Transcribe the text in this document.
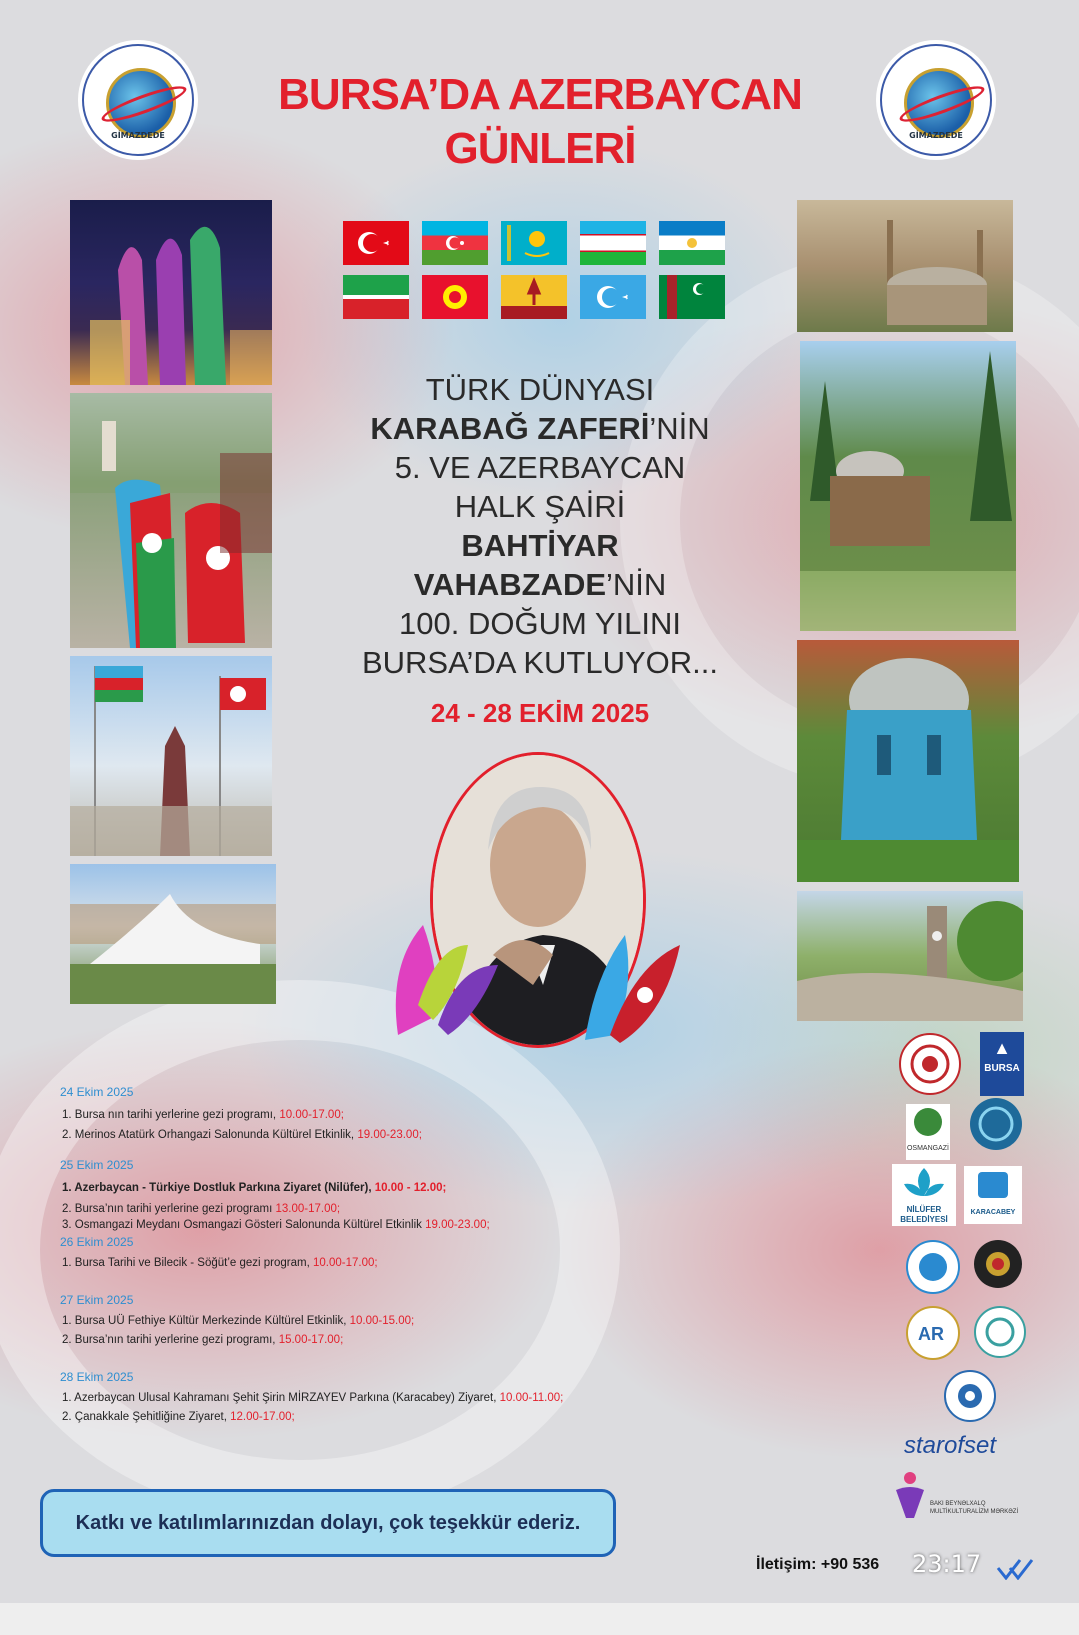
GİMAZDEDE	GİMAZDEDE
BURSA’DA AZERBAYCAN
GÜNLERİ
TÜRK DÜNYASI
KARABAĞ ZAFERİ’NİN
5. VE AZERBAYCAN
HALK ŞAİRİ
BAHTİYAR
VAHABZADE’NİN
100. DOĞUM YILINI
BURSA’DA KUTLUYOR...
24 - 28 EKİM 2025
▲
BURSA
OSMANGAZİ
NİLÜFER BELEDİYESİ
KARACABEY
AR
starofset
BAKI BEYNƏLXALQ MULTİKULTURALİZM MƏRKƏZİ
24 Ekim 2025
1. Bursa nın tarihi yerlerine gezi programı, 10.00-17.00;
2. Merinos Atatürk Orhangazi Salonunda Kültürel Etkinlik, 19.00-23.00;
25 Ekim 2025
1. Azerbaycan - Türkiye Dostluk Parkına Ziyaret (Nilüfer), 10.00 - 12.00;
2. Bursa’nın tarihi yerlerine gezi programı 13.00-17.00;
3. Osmangazi Meydanı Osmangazi Gösteri Salonunda Kültürel Etkinlik 19.00-23.00;
26 Ekim 2025
1. Bursa Tarihi ve Bilecik - Söğüt’e gezi program, 10.00-17.00;
27 Ekim 2025
1. Bursa UÜ Fethiye Kültür Merkezinde Kültürel Etkinlik, 10.00-15.00;
2. Bursa’nın tarihi yerlerine gezi programı, 15.00-17.00;
28 Ekim 2025
1. Azerbaycan Ulusal Kahramanı Şehit Şirin MİRZAYEV Parkına (Karacabey) Ziyaret, 10.00-11.00;
2. Çanakkale Şehitliğine Ziyaret, 12.00-17.00;
Katkı ve katılımlarınızdan dolayı, çok teşekkür ederiz.
İletişim: +90 536 23:17
